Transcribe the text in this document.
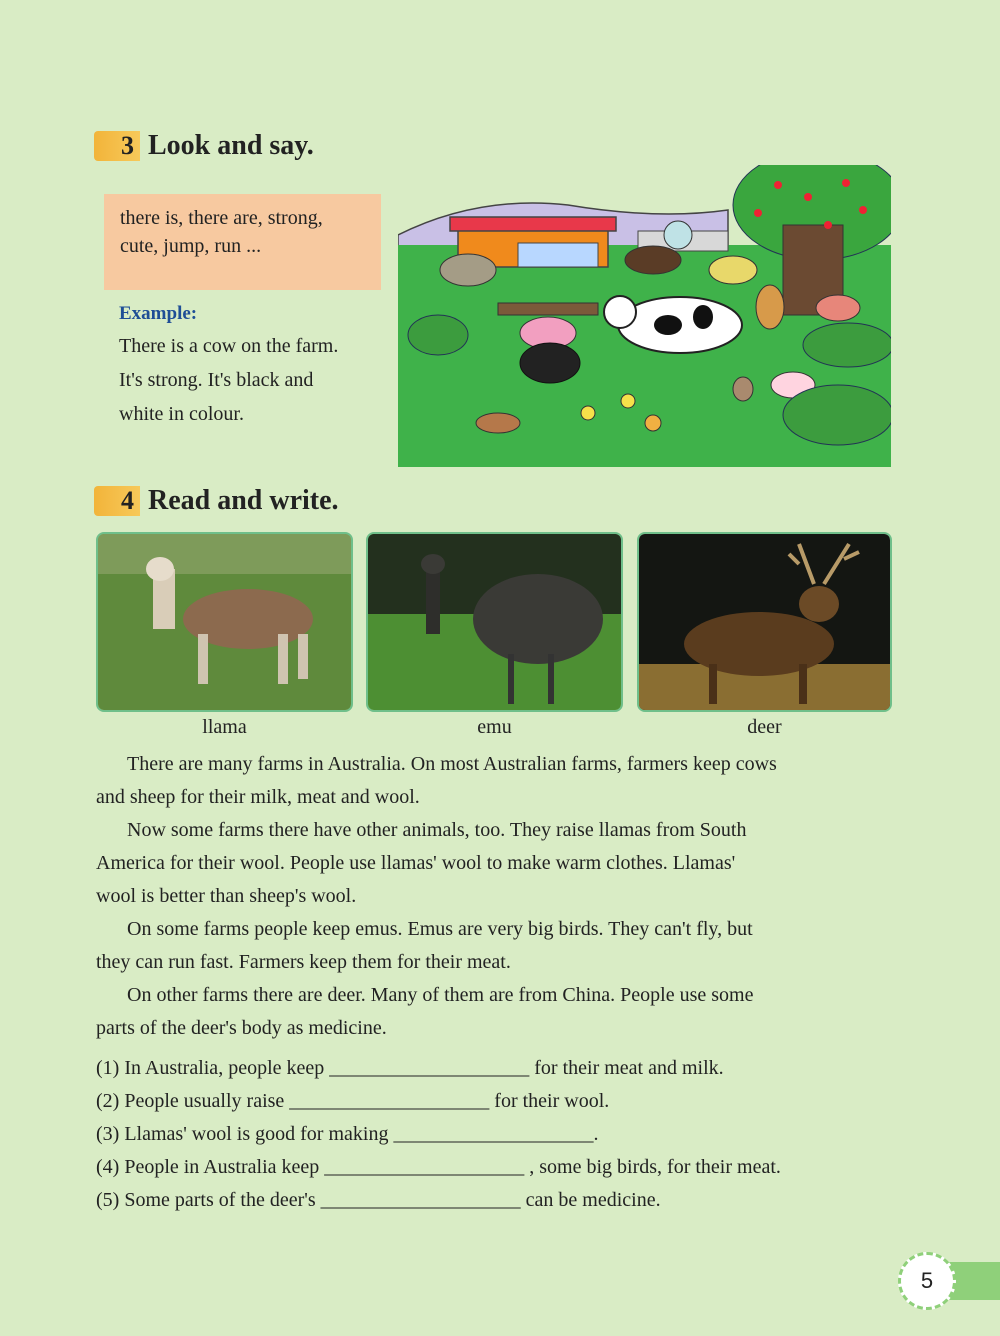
3 Look and say.
there is, there are, strong,
cute, jump, run ...
Example:
There is a cow on the farm.
It's strong. It's black and
white in colour.
4 Read and write.
llama	emu	deer
There are many farms in Australia. On most Australian farms, farmers keep cows
and sheep for their milk, meat and wool.
Now some farms there have other animals, too. They raise llamas from South
America for their wool. People use llamas' wool to make warm clothes. Llamas'
wool is better than sheep's wool.
On some farms people keep emus. Emus are very big birds. They can't fly, but
they can run fast. Farmers keep them for their meat.
On other farms there are deer. Many of them are from China. People use some
parts of the deer's body as medicine.
(1) In Australia, people keep ____________________ for their meat and milk.
(2) People usually raise ____________________ for their wool.
(3) Llamas' wool is good for making ____________________.
(4) People in Australia keep ____________________ , some big birds, for their meat.
(5) Some parts of the deer's ____________________ can be medicine.
5
